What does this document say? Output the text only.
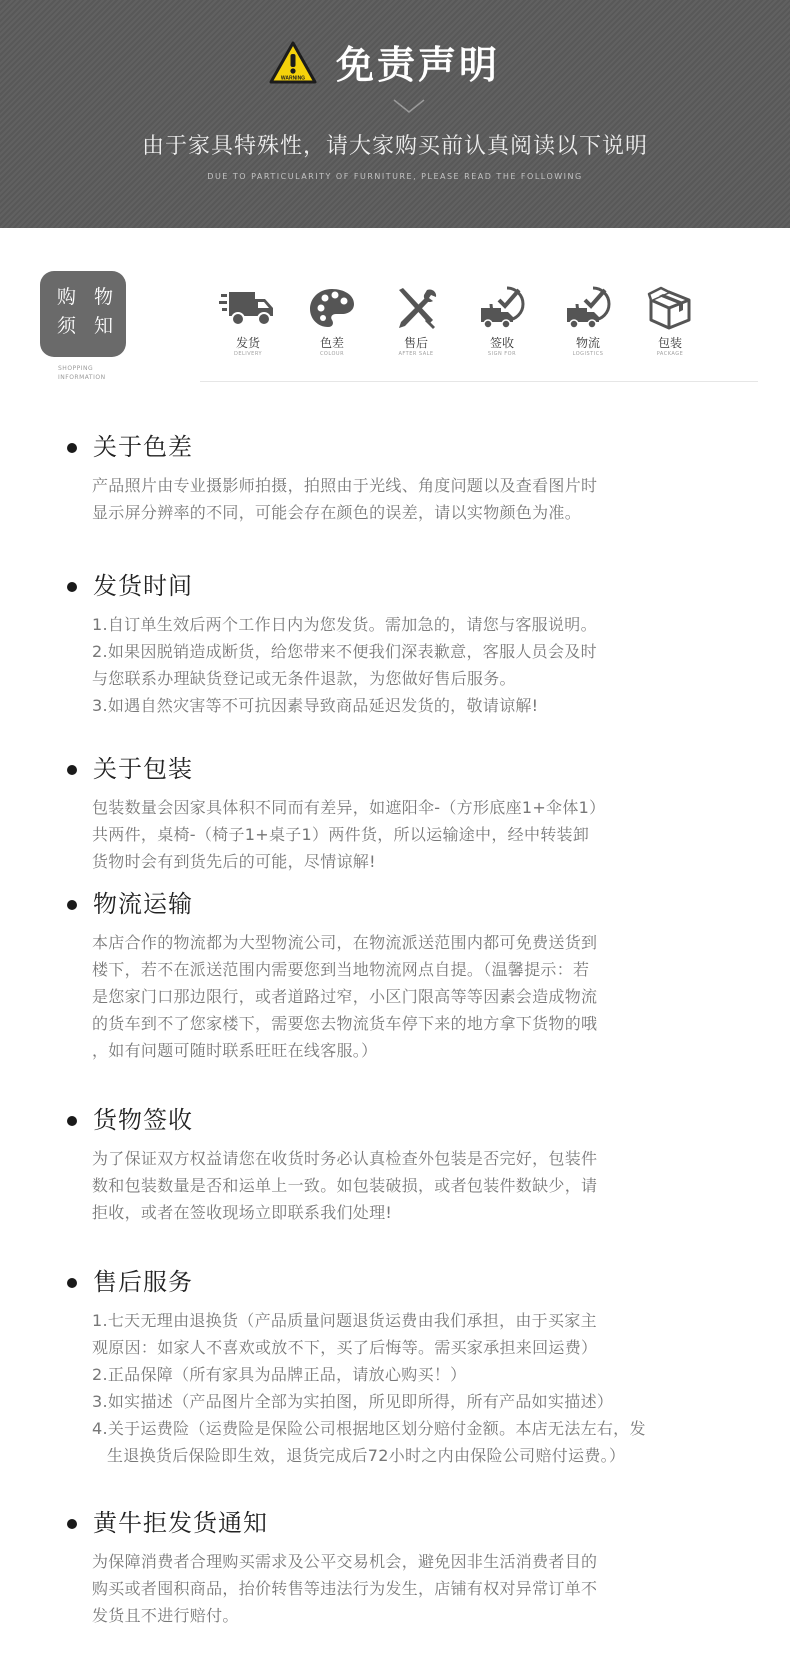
WARNING 免责声明
由于家具特殊性，请大家购买前认真阅读以下说明
DUE TO PARTICULARITY OF FURNITURE, PLEASE READ THE FOLLOWING
购 物
须 知
SHOPPING
INFORMATION
发货
DELIVERY
色差
COLOUR
售后
AFTER SALE
签收
SIGN FOR
物流
LOGISTICS
包装
PACKAGE
关于色差
产品照片由专业摄影师拍摄，拍照由于光线、角度问题以及查看图片时
显示屏分辨率的不同，可能会存在颜色的误差，请以实物颜色为准。
发货时间
1.自订单生效后两个工作日内为您发货。需加急的，请您与客服说明。
2.如果因脱销造成断货，给您带来不便我们深表歉意，客服人员会及时
与您联系办理缺货登记或无条件退款，为您做好售后服务。
3.如遇自然灾害等不可抗因素导致商品延迟发货的，敬请谅解!
关于包装
包装数量会因家具体积不同而有差异，如遮阳伞-（方形底座1+伞体1）
共两件，桌椅-（椅子1+桌子1）两件货，所以运输途中，经中转装卸
货物时会有到货先后的可能，尽情谅解!
物流运输
本店合作的物流都为大型物流公司，在物流派送范围内都可免费送货到
楼下，若不在派送范围内需要您到当地物流网点自提。（温馨提示：若
是您家门口那边限行，或者道路过窄，小区门限高等等因素会造成物流
的货车到不了您家楼下，需要您去物流货车停下来的地方拿下货物的哦
，如有问题可随时联系旺旺在线客服。）
货物签收
为了保证双方权益请您在收货时务必认真检查外包装是否完好，包装件
数和包装数量是否和运单上一致。如包装破损，或者包装件数缺少，请
拒收，或者在签收现场立即联系我们处理!
售后服务
1.七天无理由退换货（产品质量问题退货运费由我们承担，由于买家主
观原因：如家人不喜欢或放不下，买了后悔等。需买家承担来回运费）
2.正品保障（所有家具为品牌正品，请放心购买！）
3.如实描述（产品图片全部为实拍图，所见即所得，所有产品如实描述）
4.关于运费险（运费险是保险公司根据地区划分赔付金额。本店无法左右，发
生退换货后保险即生效，退货完成后72小时之内由保险公司赔付运费。）
黄牛拒发货通知
为保障消费者合理购买需求及公平交易机会，避免因非生活消费者目的
购买或者囤积商品，抬价转售等违法行为发生，店铺有权对异常订单不
发货且不进行赔付。
